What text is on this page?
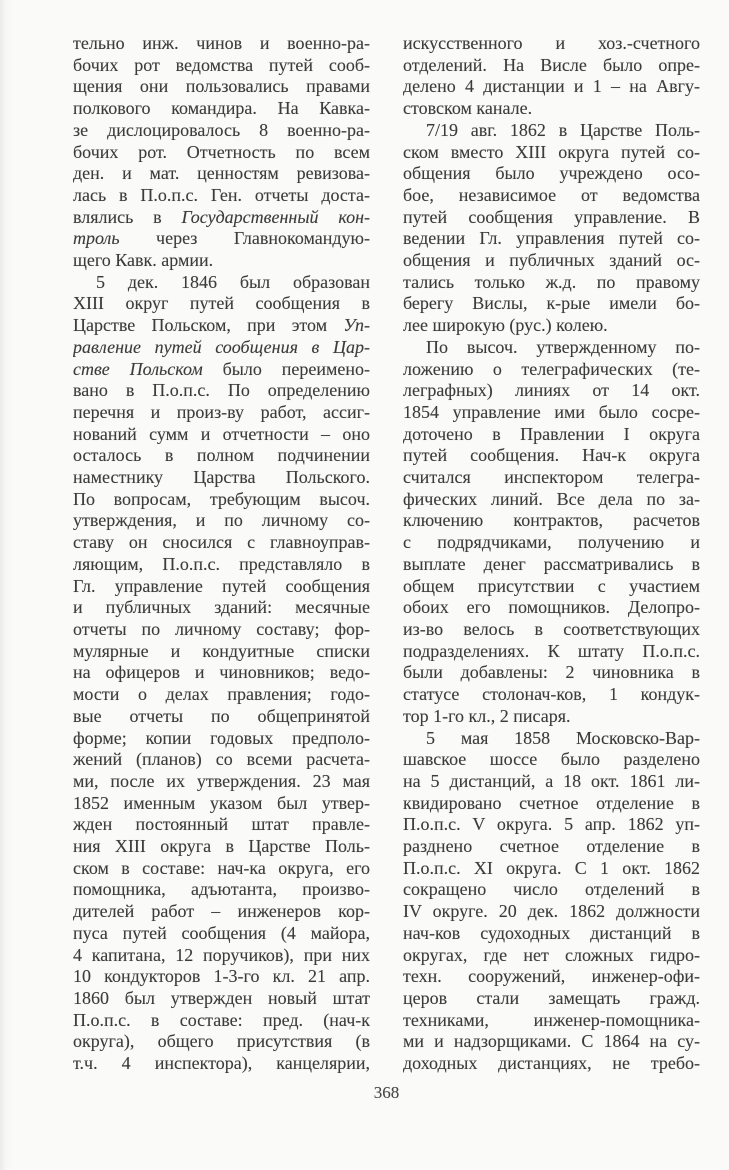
тельно инж. чинов и военно-ра-
бочих рот ведомства путей сооб-
щения они пользовались правами
полкового командира. На Кавка-
зе дислоцировалось 8 военно-ра-
бочих рот. Отчетность по всем
ден. и мат. ценностям ревизова-
лась в П.о.п.с. Ген. отчеты доста-
влялись в Государственный кон-
троль через Главнокомандую-
щего Кавк. армии.
5 дек. 1846 был образован
XIII округ путей сообщения в
Царстве Польском, при этом Уп-
равление путей сообщения в Цар-
стве Польском было переимено-
вано в П.о.п.с. По определению
перечня и произ-ву работ, ассиг-
нований сумм и отчетности – оно
осталось в полном подчинении
наместнику Царства Польского.
По вопросам, требующим высоч.
утверждения, и по личному со-
ставу он сносился с главноуправ-
ляющим, П.о.п.с. представляло в
Гл. управление путей сообщения
и публичных зданий: месячные
отчеты по личному составу; фор-
мулярные и кондуитные списки
на офицеров и чиновников; ведо-
мости о делах правления; годо-
вые отчеты по общепринятой
форме; копии годовых предполо-
жений (планов) со всеми расчета-
ми, после их утверждения. 23 мая
1852 именным указом был утвер-
жден постоянный штат правле-
ния XIII округа в Царстве Поль-
ском в составе: нач-ка округа, его
помощника, адъютанта, произво-
дителей работ – инженеров кор-
пуса путей сообщения (4 майора,
4 капитана, 12 поручиков), при них
10 кондукторов 1-3-го кл. 21 апр.
1860 был утвержден новый штат
П.о.п.с. в составе: пред. (нач-к
округа), общего присутствия (в
т.ч. 4 инспектора), канцелярии,
искусственного и хоз.-счетного
отделений. На Висле было опре-
делено 4 дистанции и 1 – на Авгу-
стовском канале.
7/19 авг. 1862 в Царстве Поль-
ском вместо XIII округа путей со-
общения было учреждено осо-
бое, независимое от ведомства
путей сообщения управление. В
ведении Гл. управления путей со-
общения и публичных зданий ос-
тались только ж.д. по правому
берегу Вислы, к-рые имели бо-
лее широкую (рус.) колею.
По высоч. утвержденному по-
ложению о телеграфических (те-
леграфных) линиях от 14 окт.
1854 управление ими было сосре-
доточено в Правлении I округа
путей сообщения. Нач-к округа
считался инспектором телегра-
фических линий. Все дела по за-
ключению контрактов, расчетов
с подрядчиками, получению и
выплате денег рассматривались в
общем присутствии с участием
обоих его помощников. Делопро-
из-во велось в соответствующих
подразделениях. К штату П.о.п.с.
были добавлены: 2 чиновника в
статусе столонач-ков, 1 кондук-
тор 1-го кл., 2 писаря.
5 мая 1858 Московско-Вар-
шавское шоссе было разделено
на 5 дистанций, а 18 окт. 1861 ли-
квидировано счетное отделение в
П.о.п.с. V округа. 5 апр. 1862 уп-
разднено счетное отделение в
П.о.п.с. XI округа. С 1 окт. 1862
сокращено число отделений в
IV округе. 20 дек. 1862 должности
нач-ков судоходных дистанций в
округах, где нет сложных гидро-
техн. сооружений, инженер-офи-
церов стали замещать гражд.
техниками, инженер-помощника-
ми и надзорщиками. С 1864 на су-
доходных дистанциях, не требо-
368
